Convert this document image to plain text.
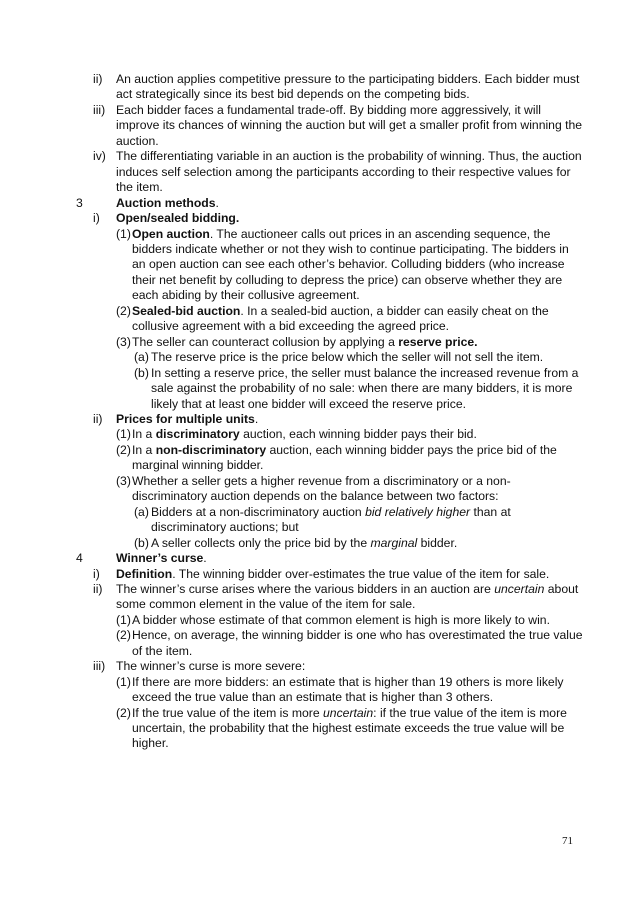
ii) An auction applies competitive pressure to the participating bidders. Each bidder must act strategically since its best bid depends on the competing bids.
iii) Each bidder faces a fundamental trade-off. By bidding more aggressively, it will improve its chances of winning the auction but will get a smaller profit from winning the auction.
iv) The differentiating variable in an auction is the probability of winning. Thus, the auction induces self selection among the participants according to their respective values for the item.
3	Auction methods.
i) Open/sealed bidding.
(1) Open auction. The auctioneer calls out prices in an ascending sequence, the bidders indicate whether or not they wish to continue participating. The bidders in an open auction can see each other’s behavior. Colluding bidders (who increase their net benefit by colluding to depress the price) can observe whether they are each abiding by their collusive agreement.
(2) Sealed-bid auction. In a sealed-bid auction, a bidder can easily cheat on the collusive agreement with a bid exceeding the agreed price.
(3) The seller can counteract collusion by applying a reserve price.
(a) The reserve price is the price below which the seller will not sell the item.
(b) In setting a reserve price, the seller must balance the increased revenue from a sale against the probability of no sale: when there are many bidders, it is more likely that at least one bidder will exceed the reserve price.
ii) Prices for multiple units.
(1) In a discriminatory auction, each winning bidder pays their bid.
(2) In a non-discriminatory auction, each winning bidder pays the price bid of the marginal winning bidder.
(3) Whether a seller gets a higher revenue from a discriminatory or a non-discriminatory auction depends on the balance between two factors:
(a) Bidders at a non-discriminatory auction bid relatively higher than at discriminatory auctions; but
(b) A seller collects only the price bid by the marginal bidder.
4	Winner’s curse.
i) Definition. The winning bidder over-estimates the true value of the item for sale.
ii) The winner’s curse arises where the various bidders in an auction are uncertain about some common element in the value of the item for sale.
(1) A bidder whose estimate of that common element is high is more likely to win.
(2) Hence, on average, the winning bidder is one who has overestimated the true value of the item.
iii) The winner’s curse is more severe:
(1) If there are more bidders: an estimate that is higher than 19 others is more likely exceed the true value than an estimate that is higher than 3 others.
(2) If the true value of the item is more uncertain: if the true value of the item is more uncertain, the probability that the highest estimate exceeds the true value will be higher.
71
